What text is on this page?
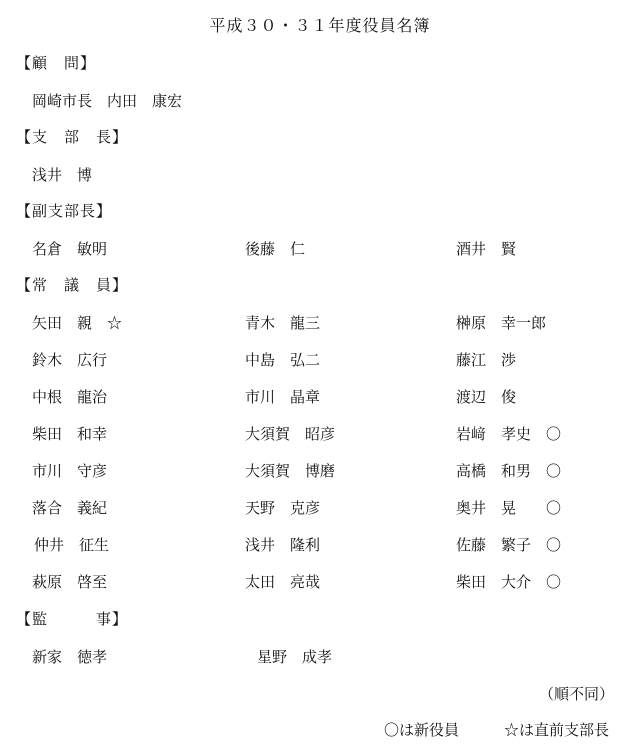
平成３０・３１年度役員名簿
【顧　問】
岡崎市長　内田　康宏
【支　部　長】
浅井　博
【副支部長】
名倉　敏明	後藤　仁	酒井　賢
【常　議　員】
矢田　親　☆	青木　龍三	榊原　幸一郎
鈴木　広行	中島　弘二	藤江　渉
中根　龍治	市川　晶章	渡辺　俊
柴田　和幸	大須賀　昭彦	岩﨑　孝史　〇
市川　守彦	大須賀　博磨	高橋　和男　〇
落合　義紀	天野　克彦	奥井　晃　　〇
仲井　征生	浅井　隆利	佐藤　繁子　〇
萩原　啓至	太田　亮哉	柴田　大介　〇
【監　　　事】
新家　徳孝	星野　成孝
（順不同）
〇は新役員	☆は直前支部長
